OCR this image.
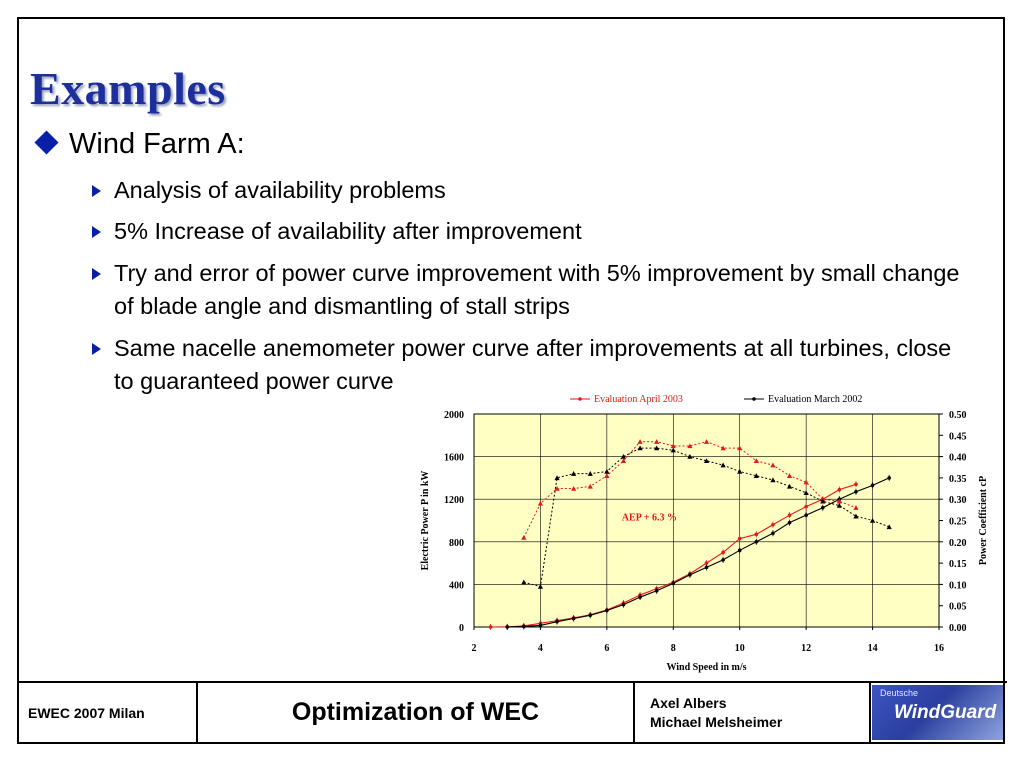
Examples
Wind Farm A:
Analysis of availability problems
5% Increase of availability after improvement
Try and error of power curve improvement with 5% improvement by small change of blade angle and dismantling of stall strips
Same nacelle anemometer power curve after improvements at all turbines, close to guaranteed power curve
2	4	6	8	10	12	14	16
0
400
800
1200
1600
2000
0.00
0.05
0.10
0.15
0.20
0.25
0.30
0.35
0.40
0.45
0.50
Wind Speed in m/s
Electric Power P in kW	Power Coefficient cP
AEP + 6.3 %
Evaluation April 2003	Evaluation March 2002
EWEC 2007 Milan	Optimization of WEC	Axel Albers
Michael Melsheimer
Deutsche
WindGuard
